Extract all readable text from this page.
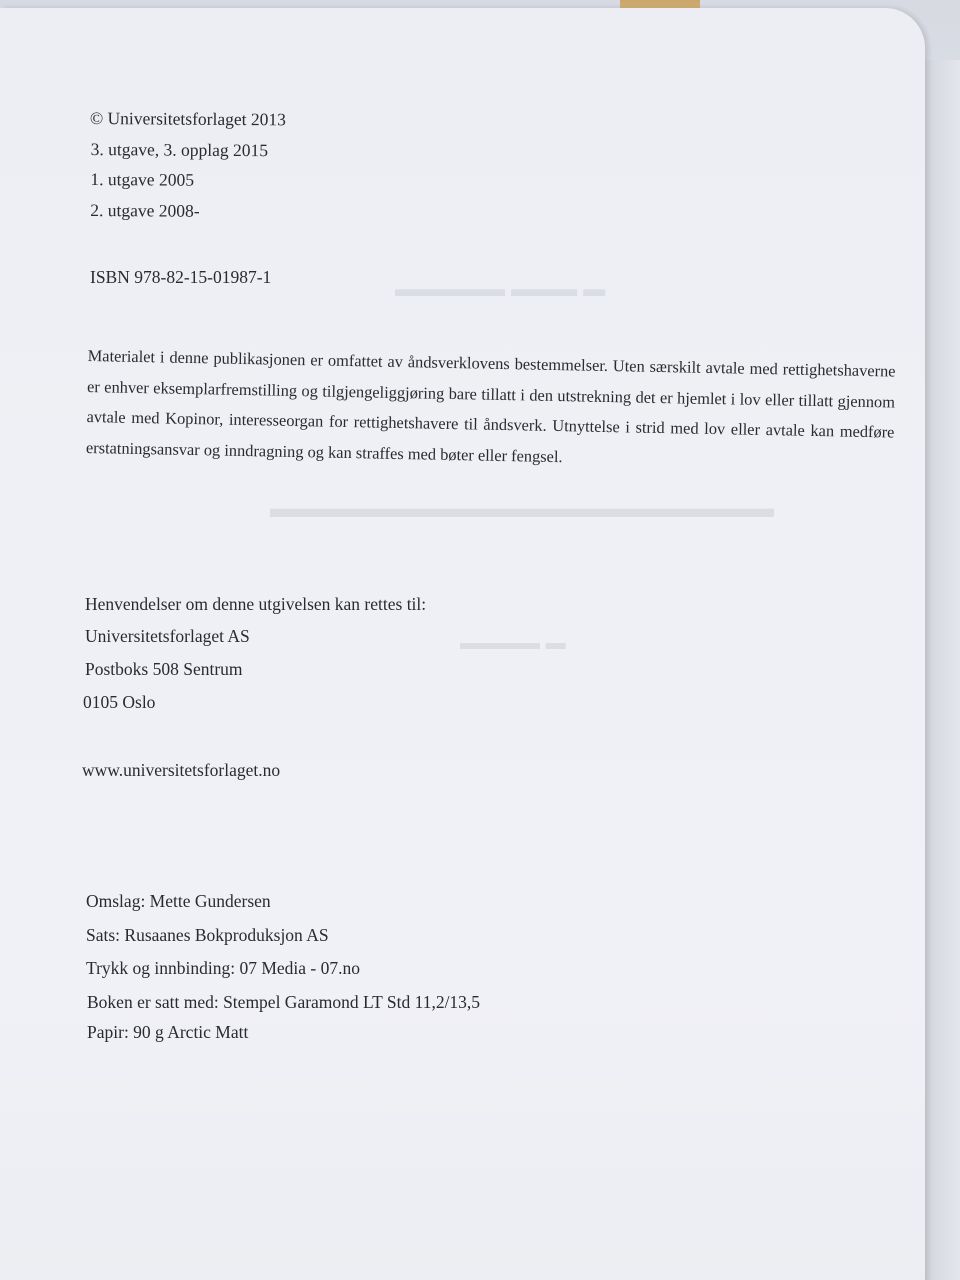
▬ ▬▬▬ ▬▬▬▬▬
▬▬▬▬▬▬▬▬▬▬▬▬▬▬▬▬▬▬
▬ ▬▬▬▬

© Universitetsforlaget 2013

3. utgave, 3. opplag 2015

1. utgave 2005

2. utgave 2008-

ISBN 978-82-15-01987-1

Materialet i denne publikasjonen er omfattet av åndsverklovens bestemmelser. Uten særskilt avtale med rettighetshaverne er enhver eksemplarfremstilling og tilgjengeliggjøring bare tillatt i den utstrekning det er hjemlet i lov eller tillatt gjennom avtale med Kopinor, interesseorgan for rettighetshavere til åndsverk. Utnyttelse i strid med lov eller avtale kan medføre erstatningsansvar og inndragning og kan straffes med bøter eller fengsel.

Henvendelser om denne utgivelsen kan rettes til:

Universitetsforlaget AS

Postboks 508 Sentrum

0105 Oslo

www.universitetsforlaget.no

Omslag: Mette Gundersen

Sats: Rusaanes Bokproduksjon AS

Trykk og innbinding: 07 Media - 07.no

Boken er satt med: Stempel Garamond LT Std 11,2/13,5

Papir: 90 g Arctic Matt
